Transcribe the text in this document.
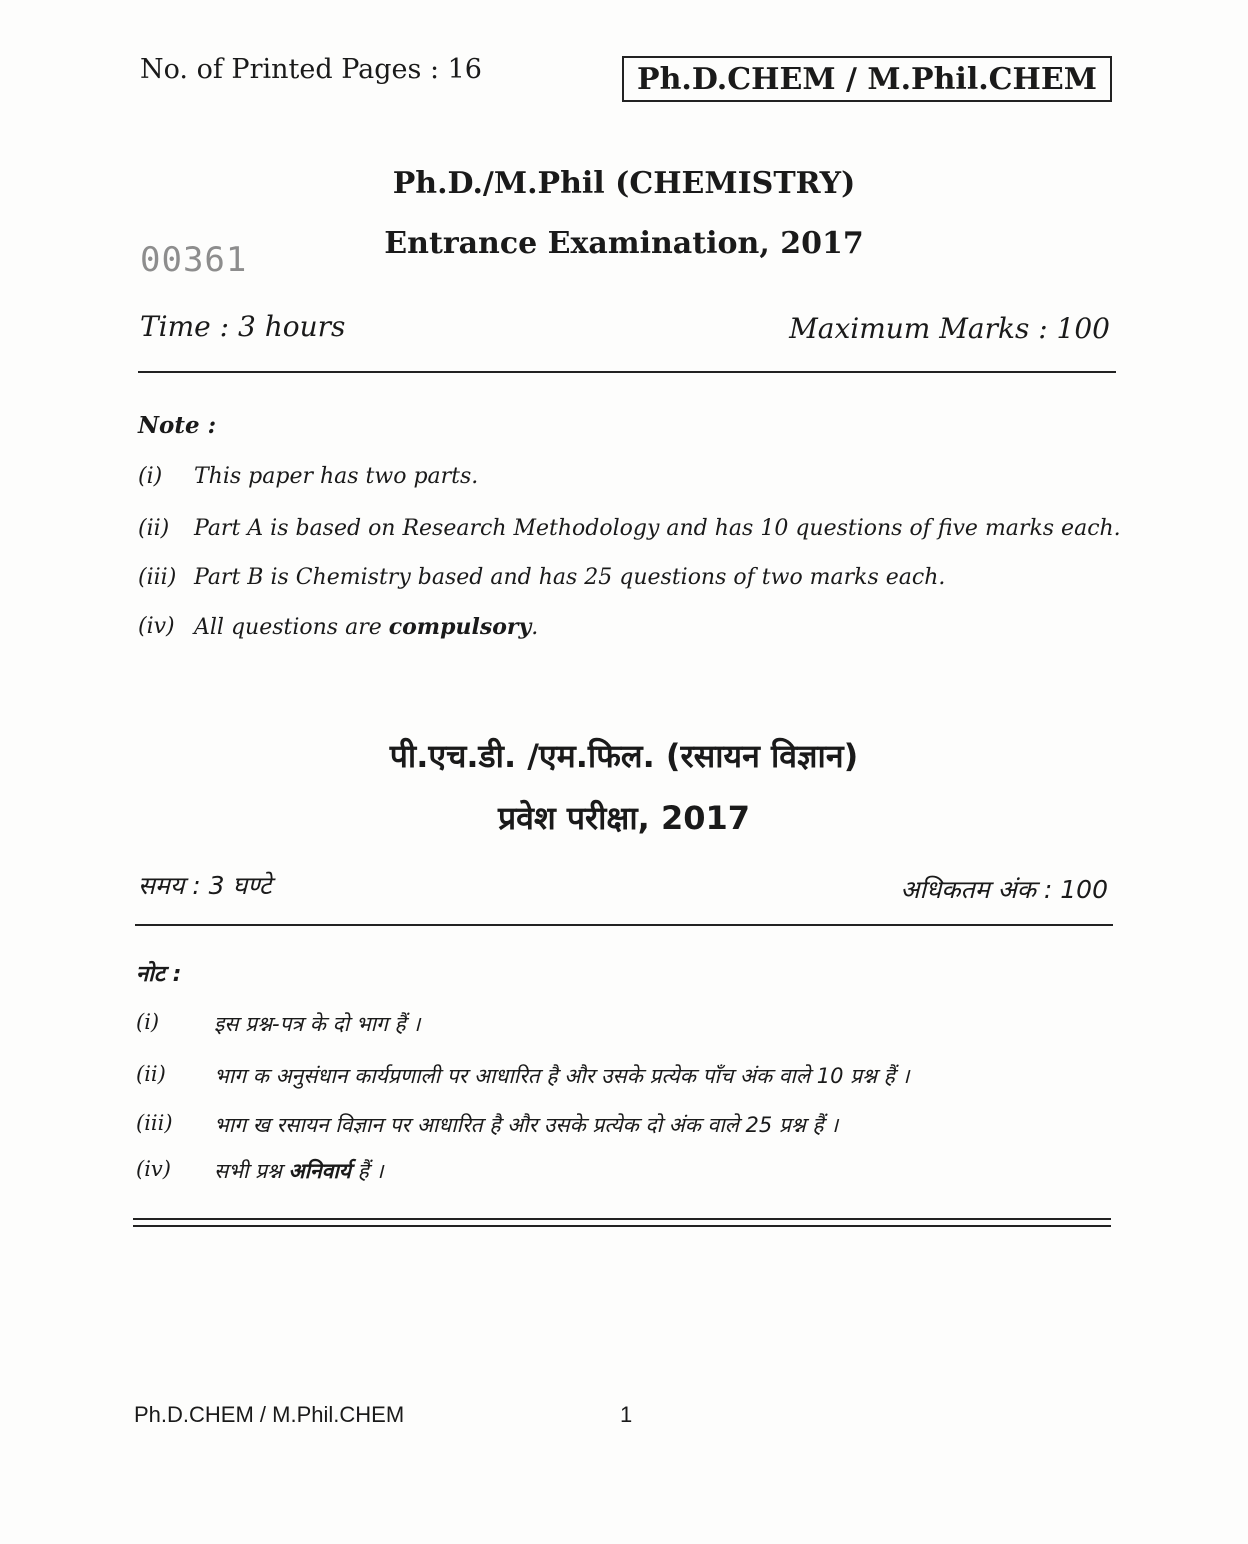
No. of Printed Pages : 16	Ph.D.CHEM / M.Phil.CHEM
Ph.D./M.Phil (CHEMISTRY)
Entrance Examination, 2017
00361
Time : 3 hours	Maximum Marks : 100
Note :
(i)	This paper has two parts.
(ii)	Part A is based on Research Methodology and has 10 questions of five marks each.
(iii) Part B is Chemistry based and has 25 questions of two marks each.
(iv) All questions are compulsory.
पी.एच.डी. /एम.फिल. (रसायन विज्ञान)
प्रवेश परीक्षा, 2017
समय : 3 घण्टे	अधिकतम अंक : 100
नोट :
(i)	इस प्रश्न-पत्र के दो भाग हैं ।
(ii)	भाग क अनुसंधान कार्यप्रणाली पर आधारित है और उसके प्रत्येक पाँच अंक वाले 10 प्रश्न हैं ।
(iii)	भाग ख रसायन विज्ञान पर आधारित है और उसके प्रत्येक दो अंक वाले 25 प्रश्न हैं ।
(iv)	सभी प्रश्न अनिवार्य हैं ।
Ph.D.CHEM / M.Phil.CHEM	1
